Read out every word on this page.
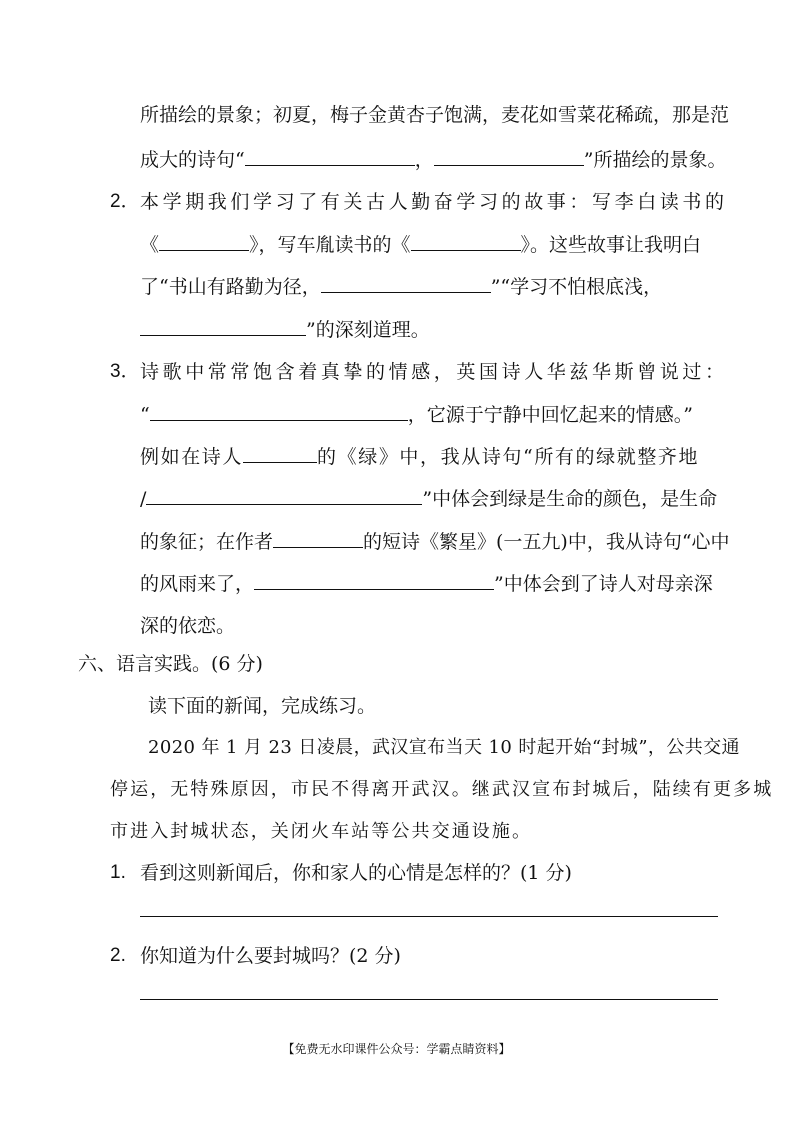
所描绘的景象；初夏，梅子金黄杏子饱满，麦花如雪菜花稀疏，那是范
成大的诗句“	，	”所描绘的景象。
2． 本学期我们学习了有关古人勤奋学习的故事：写李白读书的
《	》，写车胤读书的《	》。这些故事让我明白
了“书山有路勤为径，	”“学习不怕根底浅，
”的深刻道理。
3． 诗歌中常常饱含着真挚的情感，英国诗人华兹华斯曾说过：
“	，它源于宁静中回忆起来的情感。”
例如在诗人	的《绿》中，我从诗句“所有的绿就整齐地
/	”中体会到绿是生命的颜色，是生命
的象征；在作者	的短诗《繁星》(一五九)中，我从诗句“心中
的风雨来了，	”中体会到了诗人对母亲深
深的依恋。
六、语言实践。(6 分)
读下面的新闻，完成练习。
2020 年 1 月 23 日凌晨，武汉宣布当天 10 时起开始“封城”，公共交通
停运，无特殊原因，市民不得离开武汉。继武汉宣布封城后，陆续有更多城
市进入封城状态，关闭火车站等公共交通设施。
1. 看到这则新闻后，你和家人的心情是怎样的？(1 分)
2. 你知道为什么要封城吗？(2 分)
【免费无水印课件公众号：学霸点睛资料】
